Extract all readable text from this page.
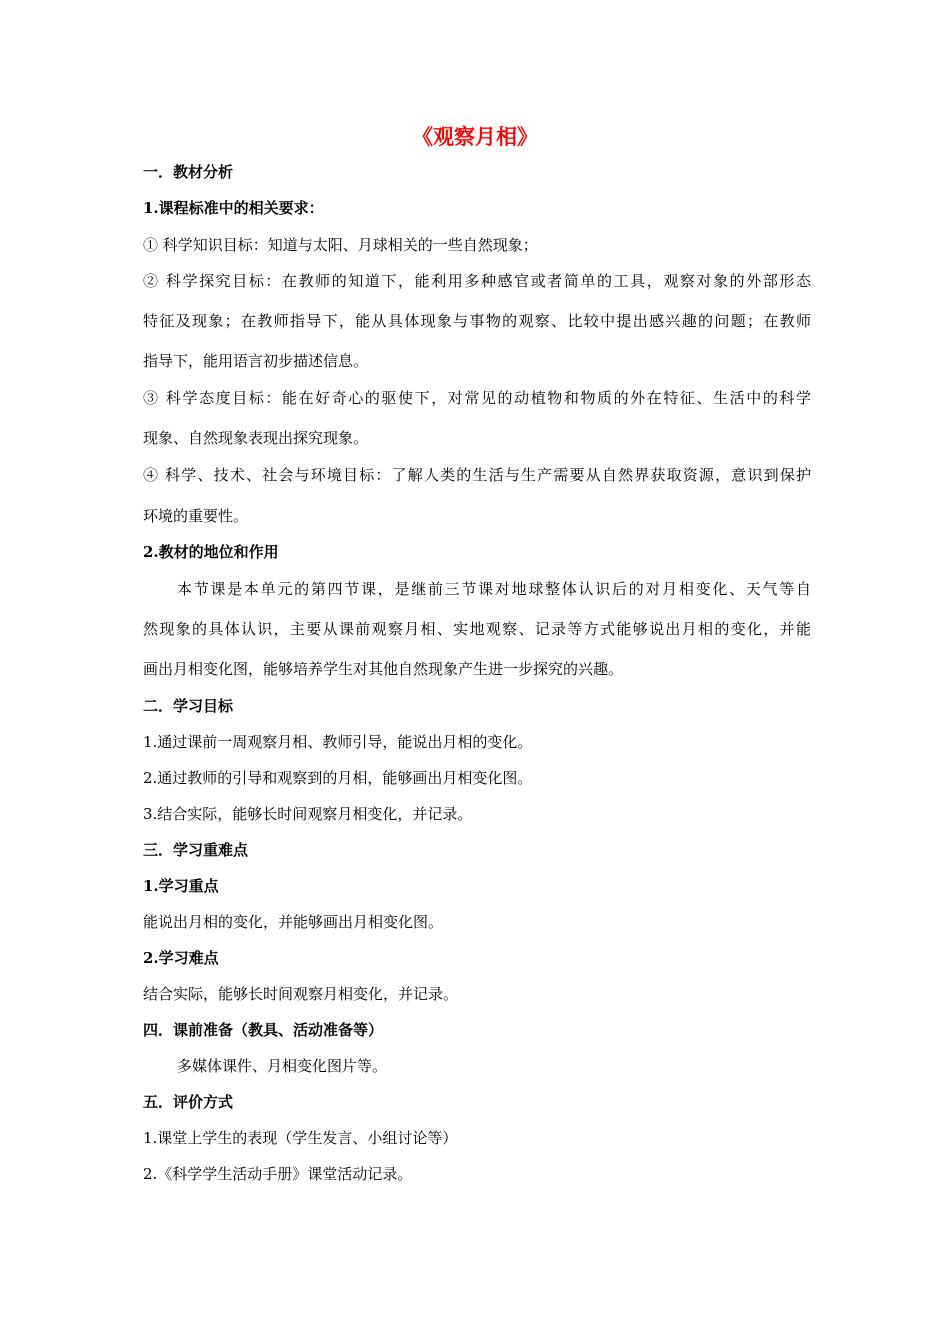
《观察月相》
一．教材分析
1.课程标准中的相关要求：
① 科学知识目标：知道与太阳、月球相关的一些自然现象；
② 科学探究目标：在教师的知道下，能利用多种感官或者简单的工具，观察对象的外部形态
特征及现象；在教师指导下，能从具体现象与事物的观察、比较中提出感兴趣的问题；在教师
指导下，能用语言初步描述信息。
③ 科学态度目标：能在好奇心的驱使下，对常见的动植物和物质的外在特征、生活中的科学
现象、自然现象表现出探究现象。
④ 科学、技术、社会与环境目标：了解人类的生活与生产需要从自然界获取资源，意识到保护
环境的重要性。
2.教材的地位和作用
本节课是本单元的第四节课，是继前三节课对地球整体认识后的对月相变化、天气等自
然现象的具体认识，主要从课前观察月相、实地观察、记录等方式能够说出月相的变化，并能
画出月相变化图，能够培养学生对其他自然现象产生进一步探究的兴趣。
二．学习目标
1.通过课前一周观察月相、教师引导，能说出月相的变化。
2.通过教师的引导和观察到的月相，能够画出月相变化图。
3.结合实际，能够长时间观察月相变化，并记录。
三．学习重难点
1.学习重点
能说出月相的变化，并能够画出月相变化图。
2.学习难点
结合实际，能够长时间观察月相变化，并记录。
四．课前准备（教具、活动准备等）
多媒体课件、月相变化图片等。
五．评价方式
1.课堂上学生的表现（学生发言、小组讨论等）
2.《科学学生活动手册》课堂活动记录。
